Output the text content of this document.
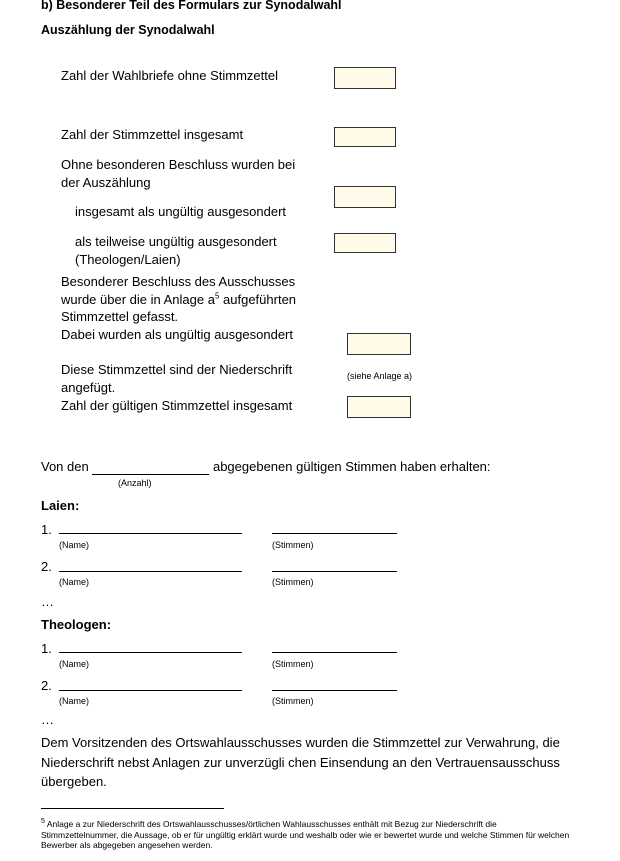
b) Besonderer Teil des Formulars zur Synodalwahl
Auszählung der Synodalwahl
Zahl der Wahlbriefe ohne Stimmzettel
Zahl der Stimmzettel insgesamt
Ohne besonderen Beschluss wurden bei
der Auszählung
insgesamt als ungültig ausgesondert
als teilweise ungültig ausgesondert
(Theologen/Laien)
Besonderer Beschluss des Ausschusses
wurde über die in Anlage $a^5$ aufgeführten
Stimmzettel gefasst.
Dabei wurden als ungültig ausgesondert
Diese Stimmzettel sind der Niederschrift
angefügt.
(siehe Anlage a)
Zahl der gültigen Stimmzettel insgesamt
Von den	abgegebenen gültigen Stimmen haben erhalten:
(Anzahl)
Laien:
1.
(Name)	(Stimmen)
2.
(Name)	(Stimmen)
…
Theologen:
1.
(Name)	(Stimmen)
2.
(Name)	(Stimmen)
…
Dem Vorsitzenden des Ortswahlausschusses wurden die Stimmzettel zur Verwahrung, die Niederschrift nebst Anlagen zur unverzügli chen Einsendung an den Vertrauensausschuss übergeben.
$^5$ Anlage a zur Niederschrift des Ortswahlausschusses/örtlichen Wahlausschusses enthält mit Bezug zur Niederschrift die Stimmzettelnummer, die Aussage, ob er für ungültig erklärt wurde und weshalb oder wie er bewertet wurde und welche Stimmen für welchen Bewerber als abgegeben angesehen werden.
